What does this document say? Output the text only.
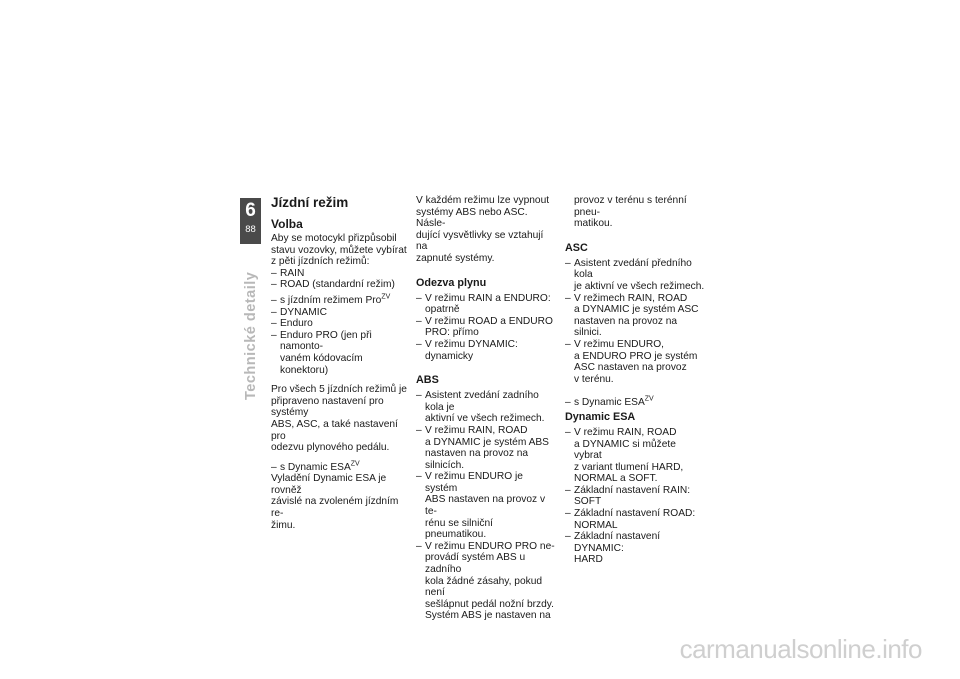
6
88
Technické detaily
Jízdní režim
Volba

Aby se motocykl přizpůsobil
stavu vozovky, můžete vybírat
z pěti jízdních režimů:

– RAIN
– ROAD (standardní režim)
– s jízdním režimem Pro$^{ZV}$
– DYNAMIC
– Enduro
– Enduro PRO (jen při namonto-
vaném kódovacím konektoru)

Pro všech 5 jízdních režimů je
připraveno nastavení pro systémy
ABS, ASC, a také nastavení pro
odezvu plynového pedálu.

– s Dynamic $ESA^{ZV}$

Vyladění Dynamic ESA je rovněž
závislé na zvoleném jízdním re-
žimu.

V každém režimu lze vypnout
systémy ABS nebo ASC. Násle-
dující vysvětlivky se vztahují na
zapnuté systémy.

Odezva plynu
– V režimu RAIN a ENDURO:
opatrně
– V režimu ROAD a ENDURO
PRO: přímo
– V režimu DYNAMIC: dynamicky
ABS
– Asistent zvedání zadního kola je
aktivní ve všech režimech.
– V režimu RAIN, ROAD
a DYNAMIC je systém ABS
nastaven na provoz na silnicích.
– V režimu ENDURO je systém
ABS nastaven na provoz v te-
rénu se silniční pneumatikou.
– V režimu ENDURO PRO ne-
provádí systém ABS u zadního
kola žádné zásahy, pokud není
sešlápnut pedál nožní brzdy.
Systém ABS je nastaven na

provoz v terénu s terénní pneu-
matikou.

ASC
– Asistent zvedání předního kola
je aktivní ve všech režimech.
– V režimech RAIN, ROAD
a DYNAMIC je systém ASC
nastaven na provoz na silnici.
– V režimu ENDURO,
a ENDURO PRO je systém
ASC nastaven na provoz
v terénu.
– s Dynamic $ESA^{ZV}$
Dynamic ESA
– V režimu RAIN, ROAD
a DYNAMIC si můžete vybrat
z variant tlumení HARD,
NORMAL a SOFT.
– Základní nastavení RAIN: SOFT
– Základní nastavení ROAD:
NORMAL
– Základní nastavení DYNAMIC:
HARD
carmanualsonline.info
